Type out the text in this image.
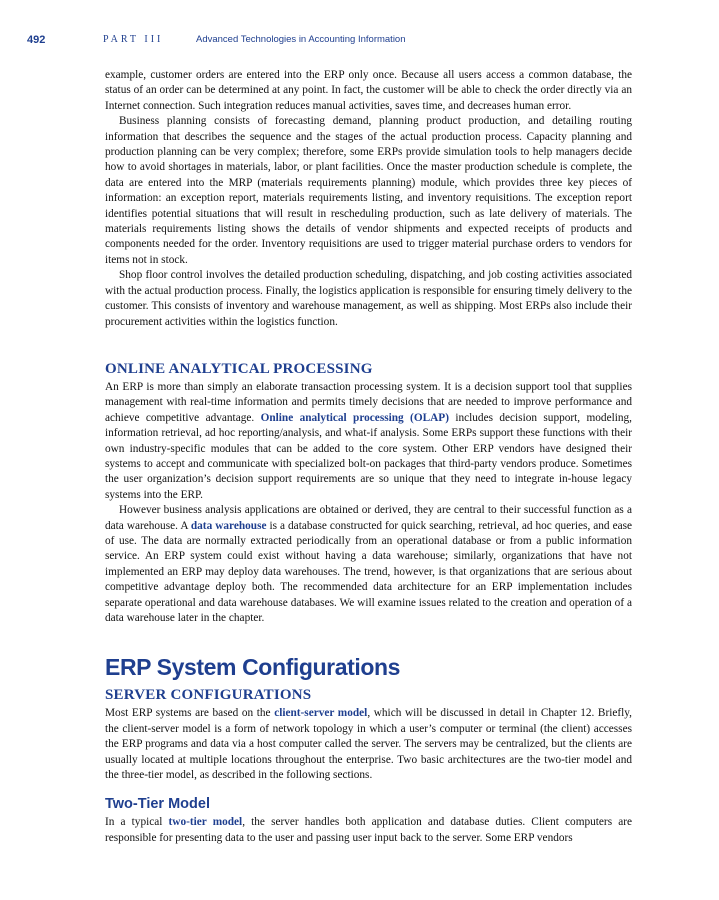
492	PART III	Advanced Technologies in Accounting Information

example, customer orders are entered into the ERP only once. Because all users access a common database, the status of an order can be determined at any point. In fact, the customer will be able to check the order directly via an Internet connection. Such integration reduces manual activities, saves time, and decreases human error.

Business planning consists of forecasting demand, planning product production, and detailing routing information that describes the sequence and the stages of the actual production process. Capacity planning and production planning can be very complex; therefore, some ERPs provide simulation tools to help managers decide how to avoid shortages in materials, labor, or plant facilities. Once the master production schedule is complete, the data are entered into the MRP (materials requirements planning) module, which provides three key pieces of information: an exception report, materials requirements listing, and inventory requisitions. The exception report identifies potential situations that will result in rescheduling production, such as late delivery of materials. The materials requirements listing shows the details of vendor shipments and expected receipts of products and components needed for the order. Inventory requisitions are used to trigger material purchase orders to vendors for items not in stock.

Shop floor control involves the detailed production scheduling, dispatching, and job costing activities associated with the actual production process. Finally, the logistics application is responsible for ensuring timely delivery to the customer. This consists of inventory and warehouse management, as well as shipping. Most ERPs also include their procurement activities within the logistics function.

ONLINE ANALYTICAL PROCESSING

An ERP is more than simply an elaborate transaction processing system. It is a decision support tool that supplies management with real-time information and permits timely decisions that are needed to improve performance and achieve competitive advantage. Online analytical processing (OLAP) includes decision support, modeling, information retrieval, ad hoc reporting/analysis, and what-if analysis. Some ERPs support these functions with their own industry-specific modules that can be added to the core system. Other ERP vendors have designed their systems to accept and communicate with specialized bolt-on packages that third-party vendors produce. Sometimes the user organization’s decision support requirements are so unique that they need to integrate in-house legacy systems into the ERP.

However business analysis applications are obtained or derived, they are central to their successful function as a data warehouse. A data warehouse is a database constructed for quick searching, retrieval, ad hoc queries, and ease of use. The data are normally extracted periodically from an operational database or from a public information service. An ERP system could exist without having a data warehouse; similarly, organizations that have not implemented an ERP may deploy data warehouses. The trend, however, is that organizations that are serious about competitive advantage deploy both. The recommended data architecture for an ERP implementation includes separate operational and data warehouse databases. We will examine issues related to the creation and operation of a data warehouse later in the chapter.

ERP System Configurations
SERVER CONFIGURATIONS

Most ERP systems are based on the client-server model, which will be discussed in detail in Chapter 12. Briefly, the client-server model is a form of network topology in which a user’s computer or terminal (the client) accesses the ERP programs and data via a host computer called the server. The servers may be centralized, but the clients are usually located at multiple locations throughout the enterprise. Two basic architectures are the two-tier model and the three-tier model, as described in the following sections.

Two-Tier Model

In a typical two-tier model, the server handles both application and database duties. Client computers are responsible for presenting data to the user and passing user input back to the server. Some ERP vendors
